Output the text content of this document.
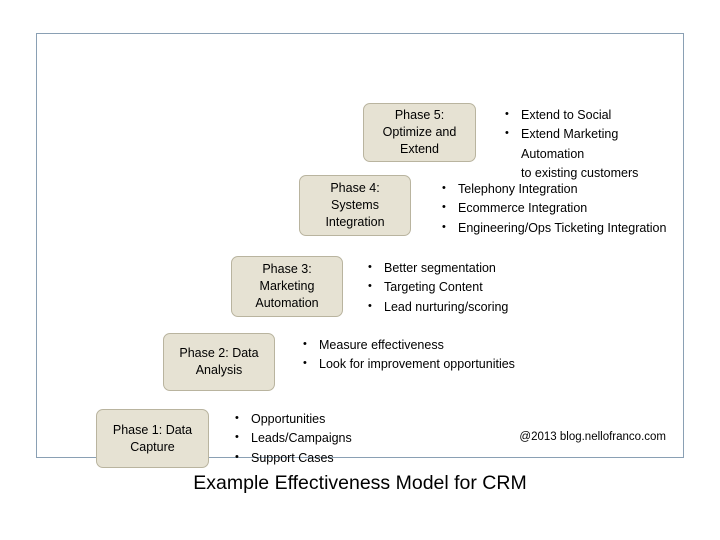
Phase 5: Optimize and Extend
• Extend to Social
• Extend Marketing Automation
to existing customers
Phase 4: Systems Integration
• Telephony Integration
• Ecommerce Integration
• Engineering/Ops Ticketing Integration
Phase 3: Marketing Automation
• Better segmentation
• Targeting Content
• Lead nurturing/scoring
Phase 2: Data Analysis
• Measure effectiveness
• Look for improvement opportunities
Phase 1: Data Capture
• Opportunities
• Leads/Campaigns
• Support Cases
@2013 blog.nellofranco.com
Example Effectiveness Model for CRM
